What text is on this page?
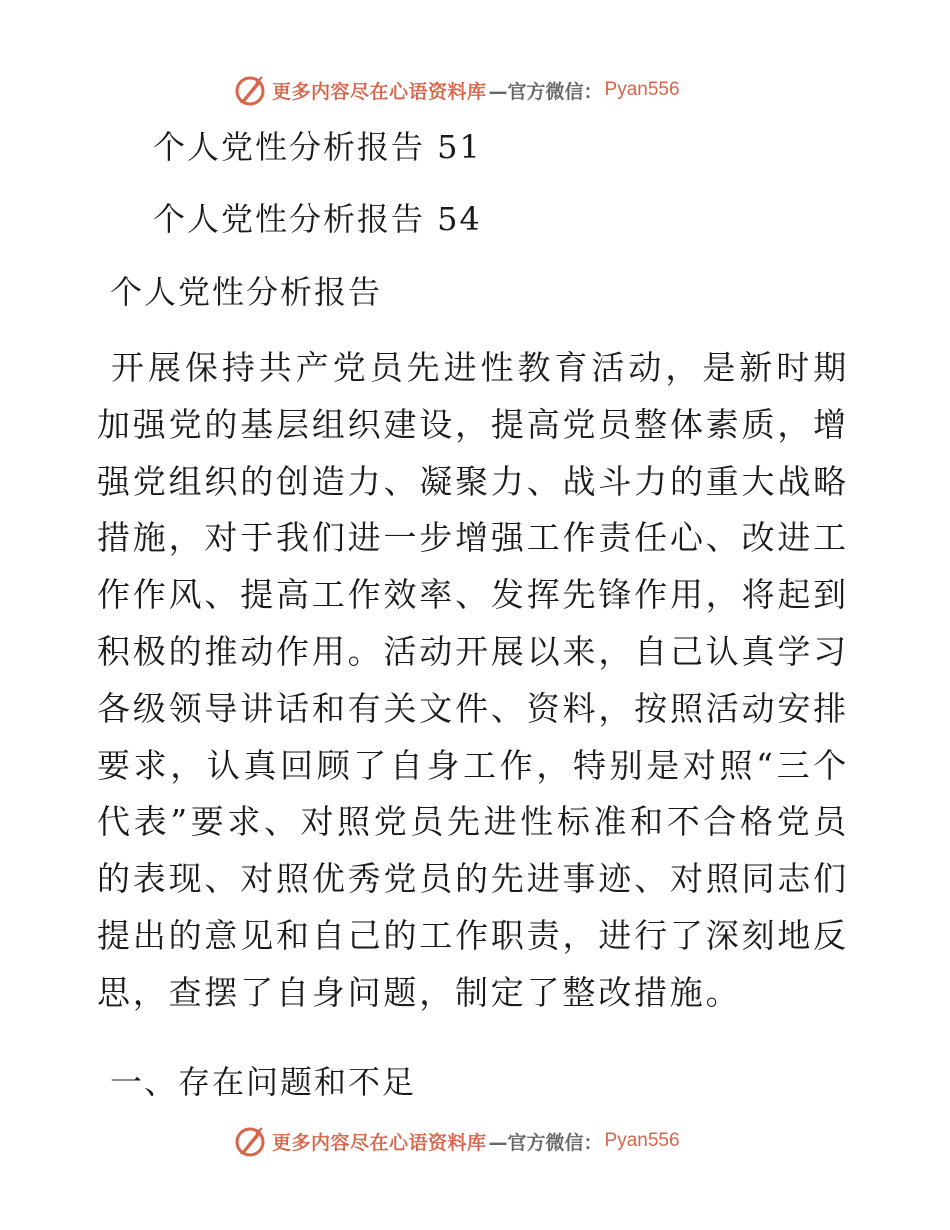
更多内容尽在心语资料库 —官方微信： Pyan556
个人党性分析报告 51
个人党性分析报告 54
个人党性分析报告

开展保持共产党员先进性教育活动，是新时期加强党的基层组织建设，提高党员整体素质，增强党组织的创造力、凝聚力、战斗力的重大战略措施，对于我们进一步增强工作责任心、改进工作作风、提高工作效率、发挥先锋作用，将起到积极的推动作用。活动开展以来，自己认真学习各级领导讲话和有关文件、资料，按照活动安排要求，认真回顾了自身工作，特别是对照“三个代表”要求、对照党员先进性标准和不合格党员的表现、对照优秀党员的先进事迹、对照同志们提出的意见和自己的工作职责，进行了深刻地反思，查摆了自身问题，制定了整改措施。

一、存在问题和不足
更多内容尽在心语资料库 —官方微信： Pyan556
